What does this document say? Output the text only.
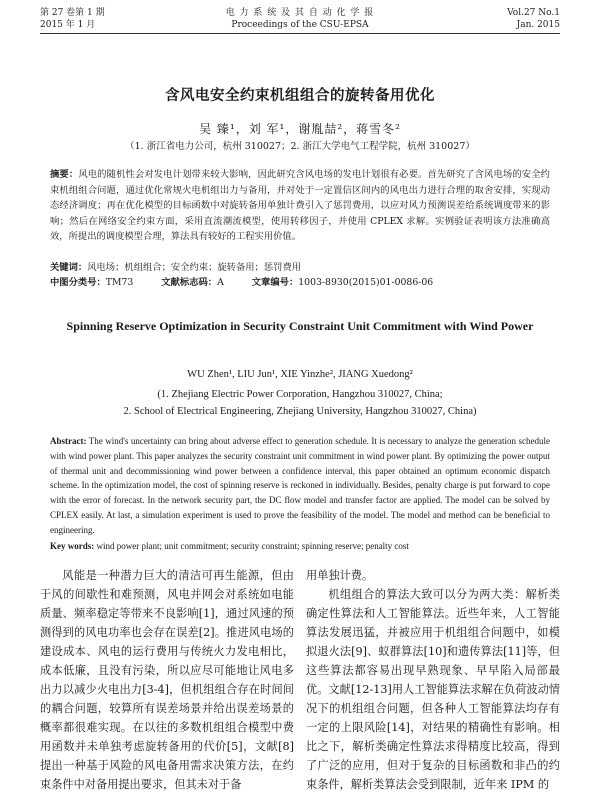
第 27 卷第 1 期
2015 年 1 月
电 力 系 统 及 其 自 动 化 学 报
Proceedings of the CSU-EPSA
Vol.27 No.1
Jan. 2015
含风电安全约束机组组合的旋转备用优化
吴 臻¹，刘 军¹，谢胤喆²，蒋雪冬²
（1. 浙江省电力公司，杭州 310027；2. 浙江大学电气工程学院，杭州 310027）
摘要：风电的随机性会对发电计划带来较大影响，因此研究含风电场的发电计划很有必要。首先研究了含风电场的安全约束机组组合问题，通过优化常规火电机组出力与备用，并对处于一定置信区间内的风电出力进行合理的取舍安排，实现动态经济调度；再在优化模型的目标函数中对旋转备用单独计费引入了惩罚费用，以应对风力预测误差给系统调度带来的影响；然后在网络安全约束方面，采用直流潮流模型，使用转移因子，并使用 CPLEX 求解。实例验证表明该方法准确高效，所提出的调度模型合理，算法具有较好的工程实用价值。
关键词：风电场；机组组合；安全约束；旋转备用；惩罚费用
中图分类号：TM73	文献标志码：A	文章编号：1003-8930(2015)01-0086-06
Spinning Reserve Optimization in Security Constraint Unit Commitment with Wind Power
WU Zhen¹, LIU Jun¹, XIE Yinzhe², JIANG Xuedong²
(1. Zhejiang Electric Power Corporation, Hangzhou 310027, China;
2. School of Electrical Engineering, Zhejiang University, Hangzhou 310027, China)
Abstract: The wind's uncertainty can bring about adverse effect to generation schedule. It is necessary to analyze the generation schedule with wind power plant. This paper analyzes the security constraint unit commitment in wind power plant. By optimizing the power output of thermal unit and decommissioning wind power between a confidence interval, this paper obtained an optimum economic dispatch scheme. In the optimization model, the cost of spinning reserve is reckoned in individually. Besides, penalty charge is put forward to cope with the error of forecast. In the network security part, the DC flow model and transfer factor are applied. The model can be solved by CPLEX easily. At last, a simulation experiment is used to prove the feasibility of the model. The model and method can be beneficial to engineering.
Key words: wind power plant; unit commitment; security constraint; spinning reserve; penalty cost

风能是一种潜力巨大的清洁可再生能源，但由于风的间歇性和难预测，风电并网会对系统如电能质量、频率稳定等带来不良影响[1]，通过风速的预测得到的风电功率也会存在误差[2]。推进风电场的建设成本、风电的运行费用与传统火力发电相比，成本低廉，且没有污染，所以应尽可能地让风电多出力以减少火电出力[3-4]，但机组组合存在时间间的耦合问题，较算所有误差场景并给出误差场景的概率都很难实现。在以往的多数机组组合模型中费用函数并未单独考虑旋转备用的代价[5]，文献[8]提出一种基于风险的风电备用需求决策方法，在约束条件中对备用提出要求，但其未对于备

用单独计费。

机组组合的算法大致可以分为两大类：解析类确定性算法和人工智能算法。近些年来，人工智能算法发展迅猛，并被应用于机组组合问题中，如模拟退火法[9]、蚁群算法[10]和遗传算法[11]等，但这些算法都容易出现早熟现象、早早陷入局部最优。文献[12-13]用人工智能算法求解在负荷波动情况下的机组组合问题，但各种人工智能算法均存有一定的上限风险[14]，对结果的精确性有影响。相比之下，解析类确定性算法求得精度比较高，得到了广泛的应用，但对于复杂的目标函数和非凸的约束条件，解析类算法会受到限制，近年来 IPM 的
